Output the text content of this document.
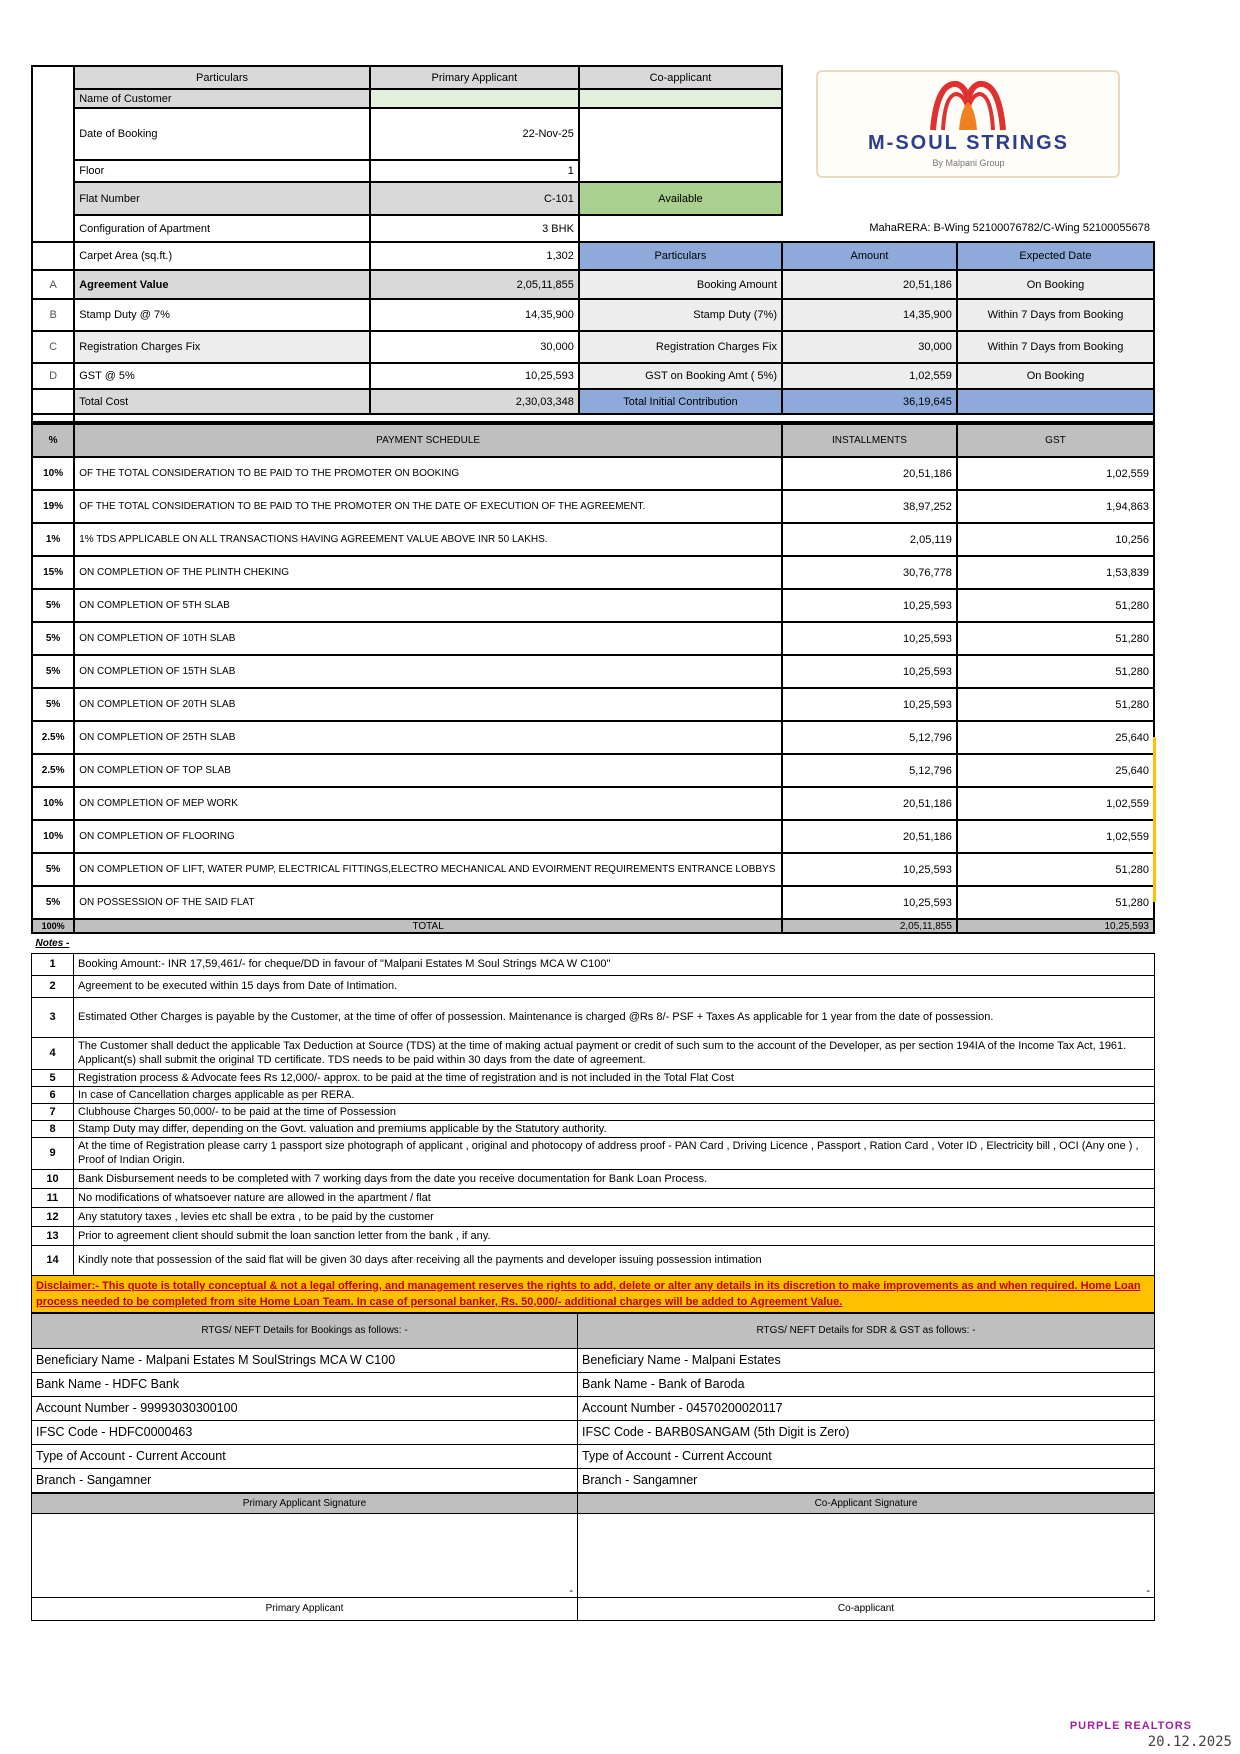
	Particulars	Primary Applicant	Co-applicant	M-SOUL STRINGS
By Malpani Group	

	Name of Customer				
	Date of Booking	22-Nov-25			
	Floor	1			
	Flat Number	C-101	Available		
	Configuration of Apartment	3 BHK		MahaRERA: B-Wing 52100076782/C-Wing 52100055678	
	Carpet Area (sq.ft.)	1,302	Particulars	Amount	Expected Date
A	Agreement Value	2,05,11,855	Booking Amount	20,51,186	On Booking
B	Stamp Duty @ 7%	14,35,900	Stamp Duty (7%)	14,35,900	Within 7 Days from Booking
C	Registration Charges Fix	30,000	Registration Charges Fix	30,000	Within 7 Days from Booking
D	GST @ 5%	10,25,593	GST on Booking Amt ( 5%)	1,02,559	On Booking
	Total Cost	2,30,03,348	Total Initial Contribution	36,19,645	

%	PAYMENT SCHEDULE	INSTALLMENTS	GST
10%	OF THE TOTAL CONSIDERATION TO BE PAID TO THE PROMOTER ON BOOKING	20,51,186	1,02,559
19%	OF THE TOTAL CONSIDERATION TO BE PAID TO THE PROMOTER ON THE DATE OF EXECUTION OF THE AGREEMENT.	38,97,252	1,94,863
1%	1% TDS APPLICABLE ON ALL TRANSACTIONS HAVING AGREEMENT VALUE ABOVE INR 50 LAKHS.	2,05,119	10,256
15%	ON COMPLETION OF THE PLINTH CHEKING	30,76,778	1,53,839
5%	ON COMPLETION OF 5TH SLAB	10,25,593	51,280
5%	ON COMPLETION OF 10TH SLAB	10,25,593	51,280
5%	ON COMPLETION OF 15TH SLAB	10,25,593	51,280
5%	ON COMPLETION OF 20TH SLAB	10,25,593	51,280
2.5%	ON COMPLETION OF 25TH SLAB	5,12,796	25,640
2.5%	ON COMPLETION OF TOP SLAB	5,12,796	25,640
10%	ON COMPLETION OF MEP WORK	20,51,186	1,02,559
10%	ON COMPLETION OF FLOORING	20,51,186	1,02,559
5%	ON COMPLETION OF LIFT, WATER PUMP, ELECTRICAL FITTINGS,ELECTRO MECHANICAL AND EVOIRMENT REQUIREMENTS ENTRANCE LOBBYS	10,25,593	51,280
5%	ON POSSESSION OF THE SAID FLAT	10,25,593	51,280
100%	TOTAL	2,05,11,855	10,25,593
Notes -	
1	Booking Amount:- INR 17,59,461/- for cheque/DD in favour of "Malpani Estates M Soul Strings MCA W C100"
2	Agreement to be executed within 15 days from Date of Intimation.
3	Estimated Other Charges is payable by the Customer, at the time of offer of possession. Maintenance is charged @Rs 8/- PSF + Taxes As applicable for 1 year from the date of possession.
4	The Customer shall deduct the applicable Tax Deduction at Source (TDS) at the time of making actual payment or credit of such sum to the account of the Developer, as per section 194IA of the Income Tax Act, 1961. Applicant(s) shall submit the original TD certificate. TDS needs to be paid within 30 days from the date of agreement.
5	Registration process & Advocate fees Rs 12,000/- approx. to be paid at the time of registration and is not included in the Total Flat Cost
6	In case of Cancellation charges applicable as per RERA.
7	Clubhouse Charges 50,000/- to be paid at the time of Possession
8	Stamp Duty may differ, depending on the Govt. valuation and premiums applicable by the Statutory authority.
9	At the time of Registration please carry 1 passport size photograph of applicant , original and photocopy of address proof - PAN Card , Driving Licence , Passport , Ration Card , Voter ID , Electricity bill , OCI (Any one ) , Proof of Indian Origin.
10	Bank Disbursement needs to be completed with 7 working days from the date you receive documentation for Bank Loan Process.
11	No modifications of whatsoever nature are allowed in the apartment / flat
12	Any statutory taxes , levies etc shall be extra , to be paid by the customer
13	Prior to agreement client should submit the loan sanction letter from the bank , if any.
14	Kindly note that possession of the said flat will be given 30 days after receiving all the payments and developer issuing possession intimation
Disclaimer:- This quote is totally conceptual & not a legal offering, and management reserves the rights to add, delete or alter any details in its discretion to make improvements as and when required. Home Loan process needed to be completed from site Home Loan Team. In case of personal banker, Rs. 50,000/- additional charges will be added to Agreement Value.	
RTGS/ NEFT Details for Bookings as follows: -	RTGS/ NEFT Details for SDR & GST as follows: -
Beneficiary Name - Malpani Estates M SoulStrings MCA W C100	Beneficiary Name - Malpani Estates
Bank Name - HDFC Bank	Bank Name - Bank of Baroda
Account Number - 99993030300100	Account Number - 04570200020117
IFSC Code - HDFC0000463	IFSC Code - BARB0SANGAM (5th Digit is Zero)
Type of Account - Current Account	Type of Account - Current Account
Branch - Sangamner	Branch - Sangamner
Primary Applicant Signature	Co-Applicant Signature
-	-
Primary Applicant	Co-applicant
PURPLE REALTORS
20.12.2025
